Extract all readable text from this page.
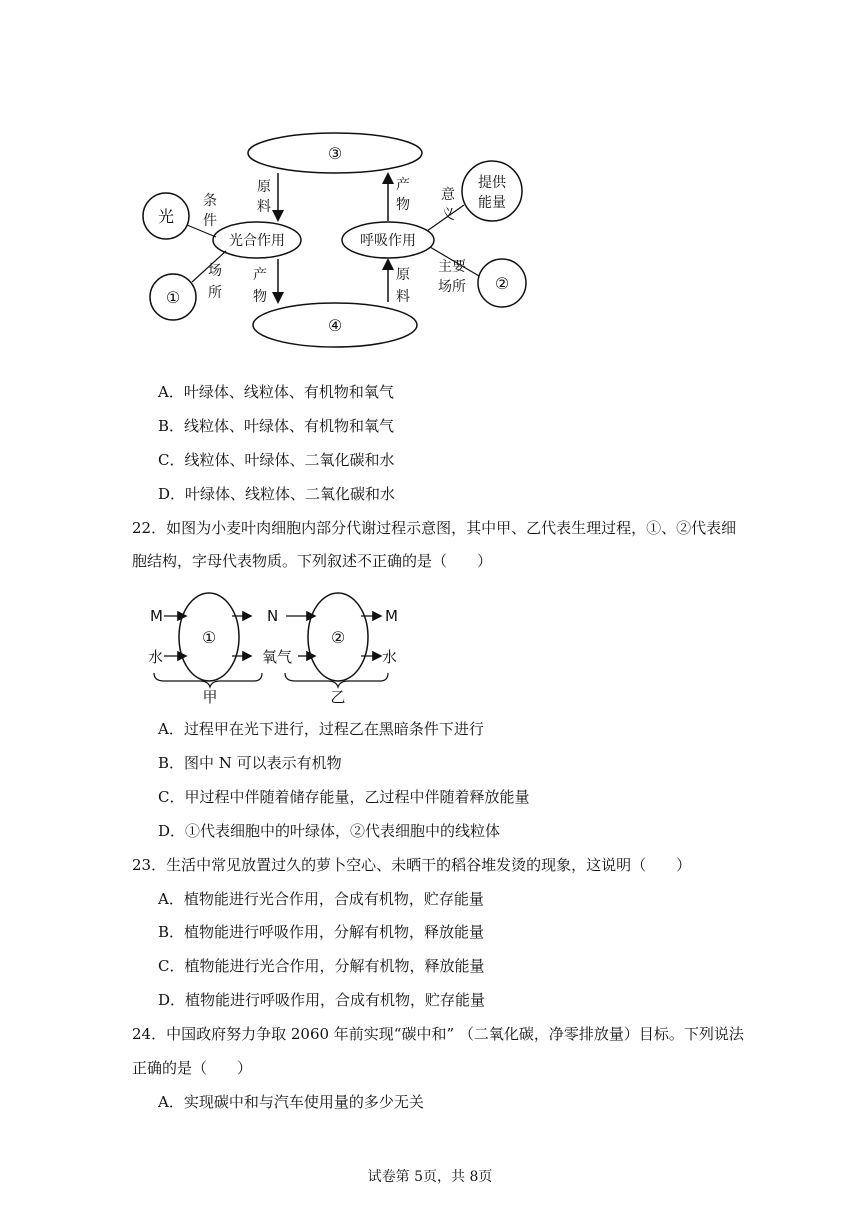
③
④
光合作用	呼吸作用
光
①
提供
能量
②
原
料
产
物
产
物
原
料
条
件
场
所
意
义
主要
场所
A．叶绿体、线粒体、有机物和氧气
B．线粒体、叶绿体、有机物和氧气
C．线粒体、叶绿体、二氧化碳和水
D．叶绿体、线粒体、二氧化碳和水
22．如图为小麦叶肉细胞内部分代谢过程示意图，其中甲、乙代表生理过程，①、②代表细
胞结构，字母代表物质。下列叙述不正确的是（　　）
①	②
M
水
N
氧气
M
水
甲	乙
A．过程甲在光下进行，过程乙在黑暗条件下进行
B．图中 N 可以表示有机物
C．甲过程中伴随着储存能量，乙过程中伴随着释放能量
D．①代表细胞中的叶绿体，②代表细胞中的线粒体
23．生活中常见放置过久的萝卜空心、未晒干的稻谷堆发烫的现象，这说明（　　）
A．植物能进行光合作用，合成有机物，贮存能量
B．植物能进行呼吸作用，分解有机物，释放能量
C．植物能进行光合作用，分解有机物，释放能量
D．植物能进行呼吸作用，合成有机物，贮存能量
24．中国政府努力争取 2060 年前实现“碳中和” （二氧化碳，净零排放量）目标。下列说法
正确的是（　　）
A．实现碳中和与汽车使用量的多少无关
试卷第 5页，共 8页
